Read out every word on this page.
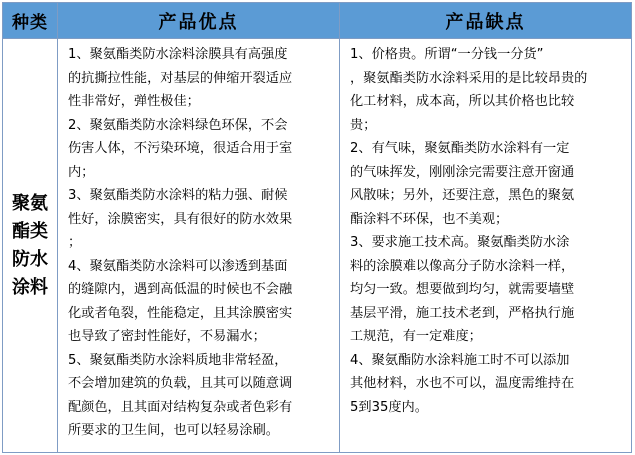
种类	产品优点	产品缺点
聚氨酯类防水涂料
1、聚氨酯类防水涂料涂膜具有高强度
的抗撕拉性能，对基层的伸缩开裂适应
性非常好，弹性极佳；
2、聚氨酯类防水涂料绿色环保，不会
伤害人体，不污染环境，很适合用于室
内；
3、聚氨酯类防水涂料的粘力强、耐候
性好，涂膜密实，具有很好的防水效果
；
4、聚氨酯类防水涂料可以渗透到基面
的缝隙内，遇到高低温的时候也不会融
化或者龟裂，性能稳定，且其涂膜密实
也导致了密封性能好，不易漏水；
5、聚氨酯类防水涂料质地非常轻盈，
不会增加建筑的负载，且其可以随意调
配颜色，且其面对结构复杂或者色彩有
所要求的卫生间，也可以轻易涂刷。
1、价格贵。所谓“一分钱一分货”
，聚氨酯类防水涂料采用的是比较昂贵的
化工材料，成本高，所以其价格也比较
贵；
2、有气味，聚氨酯类防水涂料有一定
的气味挥发，刚刚涂完需要注意开窗通
风散味；另外，还要注意，黑色的聚氨
酯涂料不环保，也不美观；
3、要求施工技术高。聚氨酯类防水涂
料的涂膜难以像高分子防水涂料一样，
均匀一致。想要做到均匀，就需要墙壁
基层平滑，施工技术老到，严格执行施
工规范，有一定难度；
4、聚氨酯防水涂料施工时不可以添加
其他材料，水也不可以，温度需维持在
5到35度内。
